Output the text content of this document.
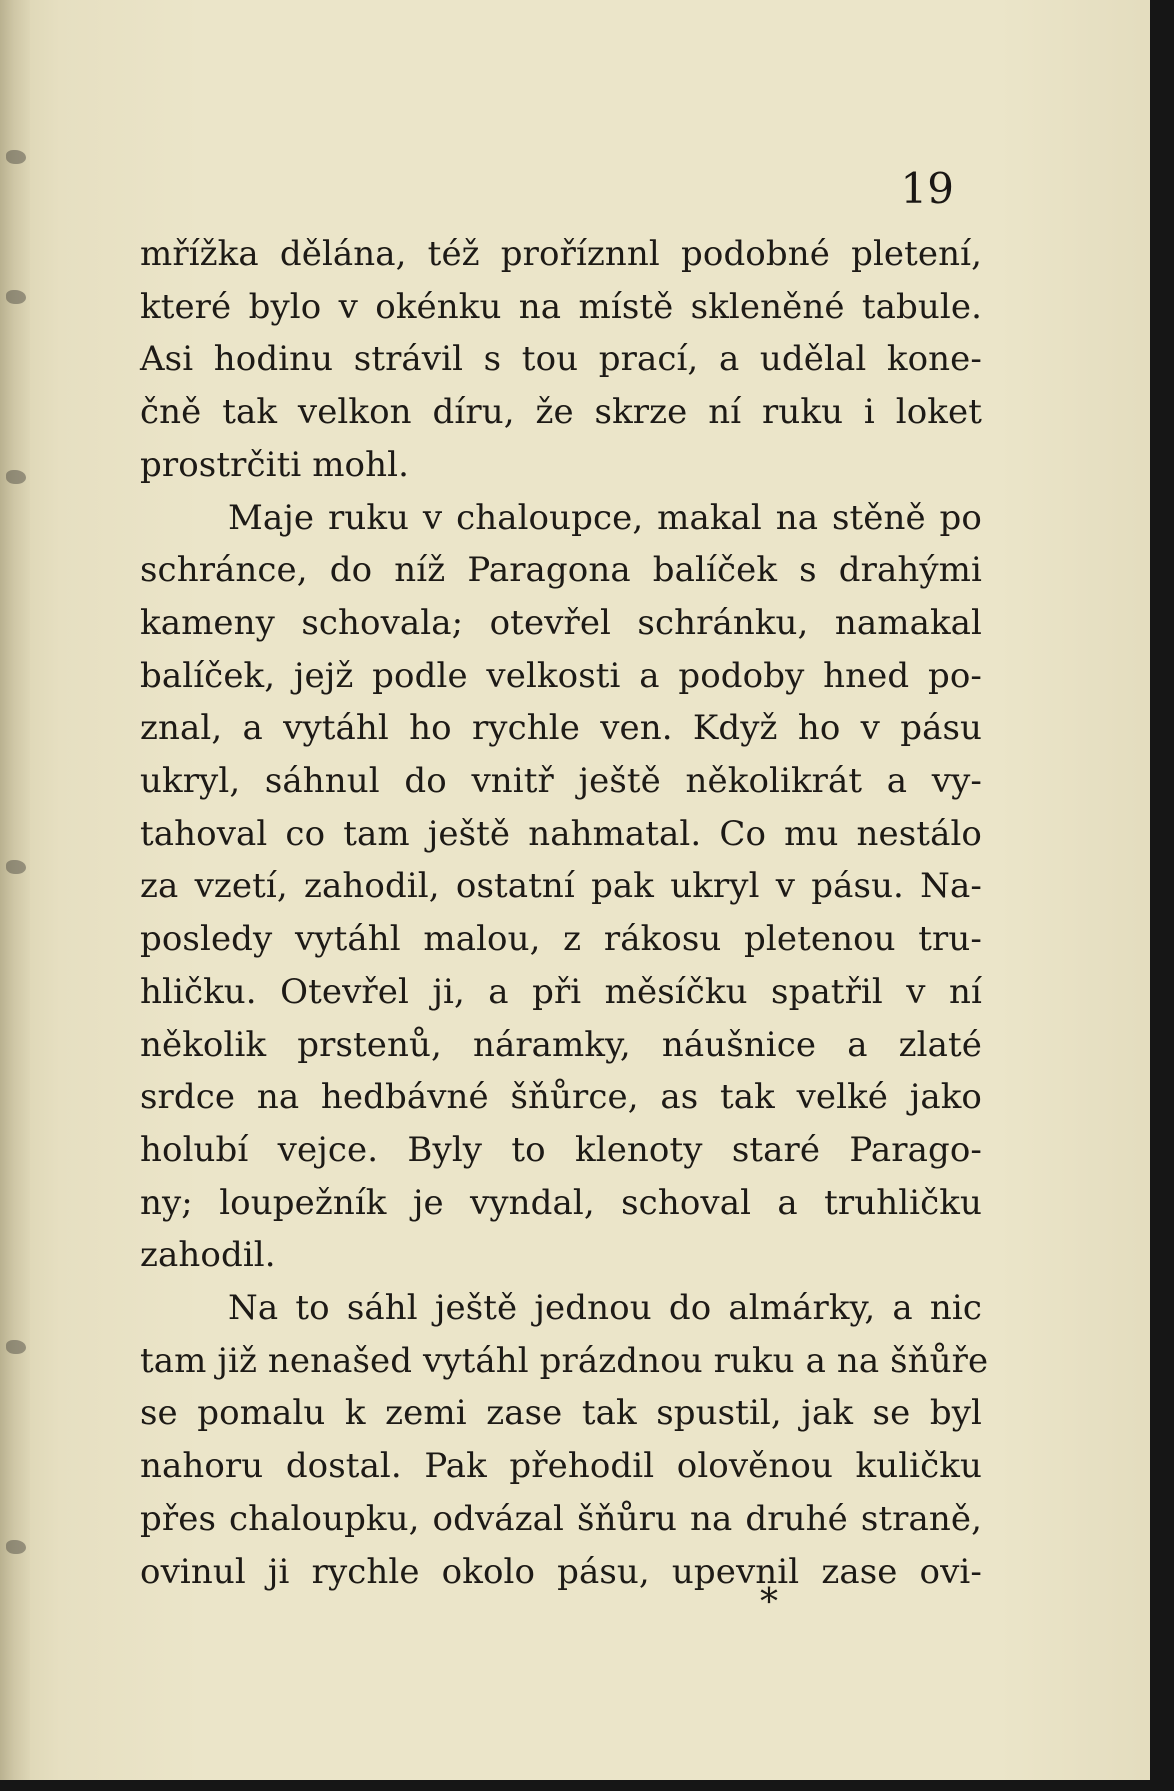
19

mřížka dělána, též proříznnl podobné pletení,
které bylo v okénku na místě skleněné tabule.
Asi hodinu strávil s tou prací, a udělal kone-
čně tak velkon díru, že skrze ní ruku i loket
prostrčiti mohl.

Maje ruku v chaloupce, makal na stěně po
schránce, do níž Paragona balíček s drahými
kameny schovala; otevřel schránku, namakal
balíček, jejž podle velkosti a podoby hned po-
znal, a vytáhl ho rychle ven. Když ho v pásu
ukryl, sáhnul do vnitř ještě několikrát a vy-
tahoval co tam ještě nahmatal. Co mu nestálo
za vzetí, zahodil, ostatní pak ukryl v pásu. Na-
posledy vytáhl malou, z rákosu pletenou tru-
hličku. Otevřel ji, a při měsíčku spatřil v ní
několik prstenů, náramky, náušnice a zlaté
srdce na hedbávné šňůrce, as tak velké jako
holubí vejce. Byly to klenoty staré Parago-
ny; loupežník je vyndal, schoval a truhličku
zahodil.

Na to sáhl ještě jednou do almárky, a nic
tam již nenašed vytáhl prázdnou ruku a na šňůře
se pomalu k zemi zase tak spustil, jak se byl
nahoru dostal. Pak přehodil olověnou kuličku
přes chaloupku, odvázal šňůru na druhé straně,
ovinul ji rychle okolo pásu, upevnil zase ovi-

*
